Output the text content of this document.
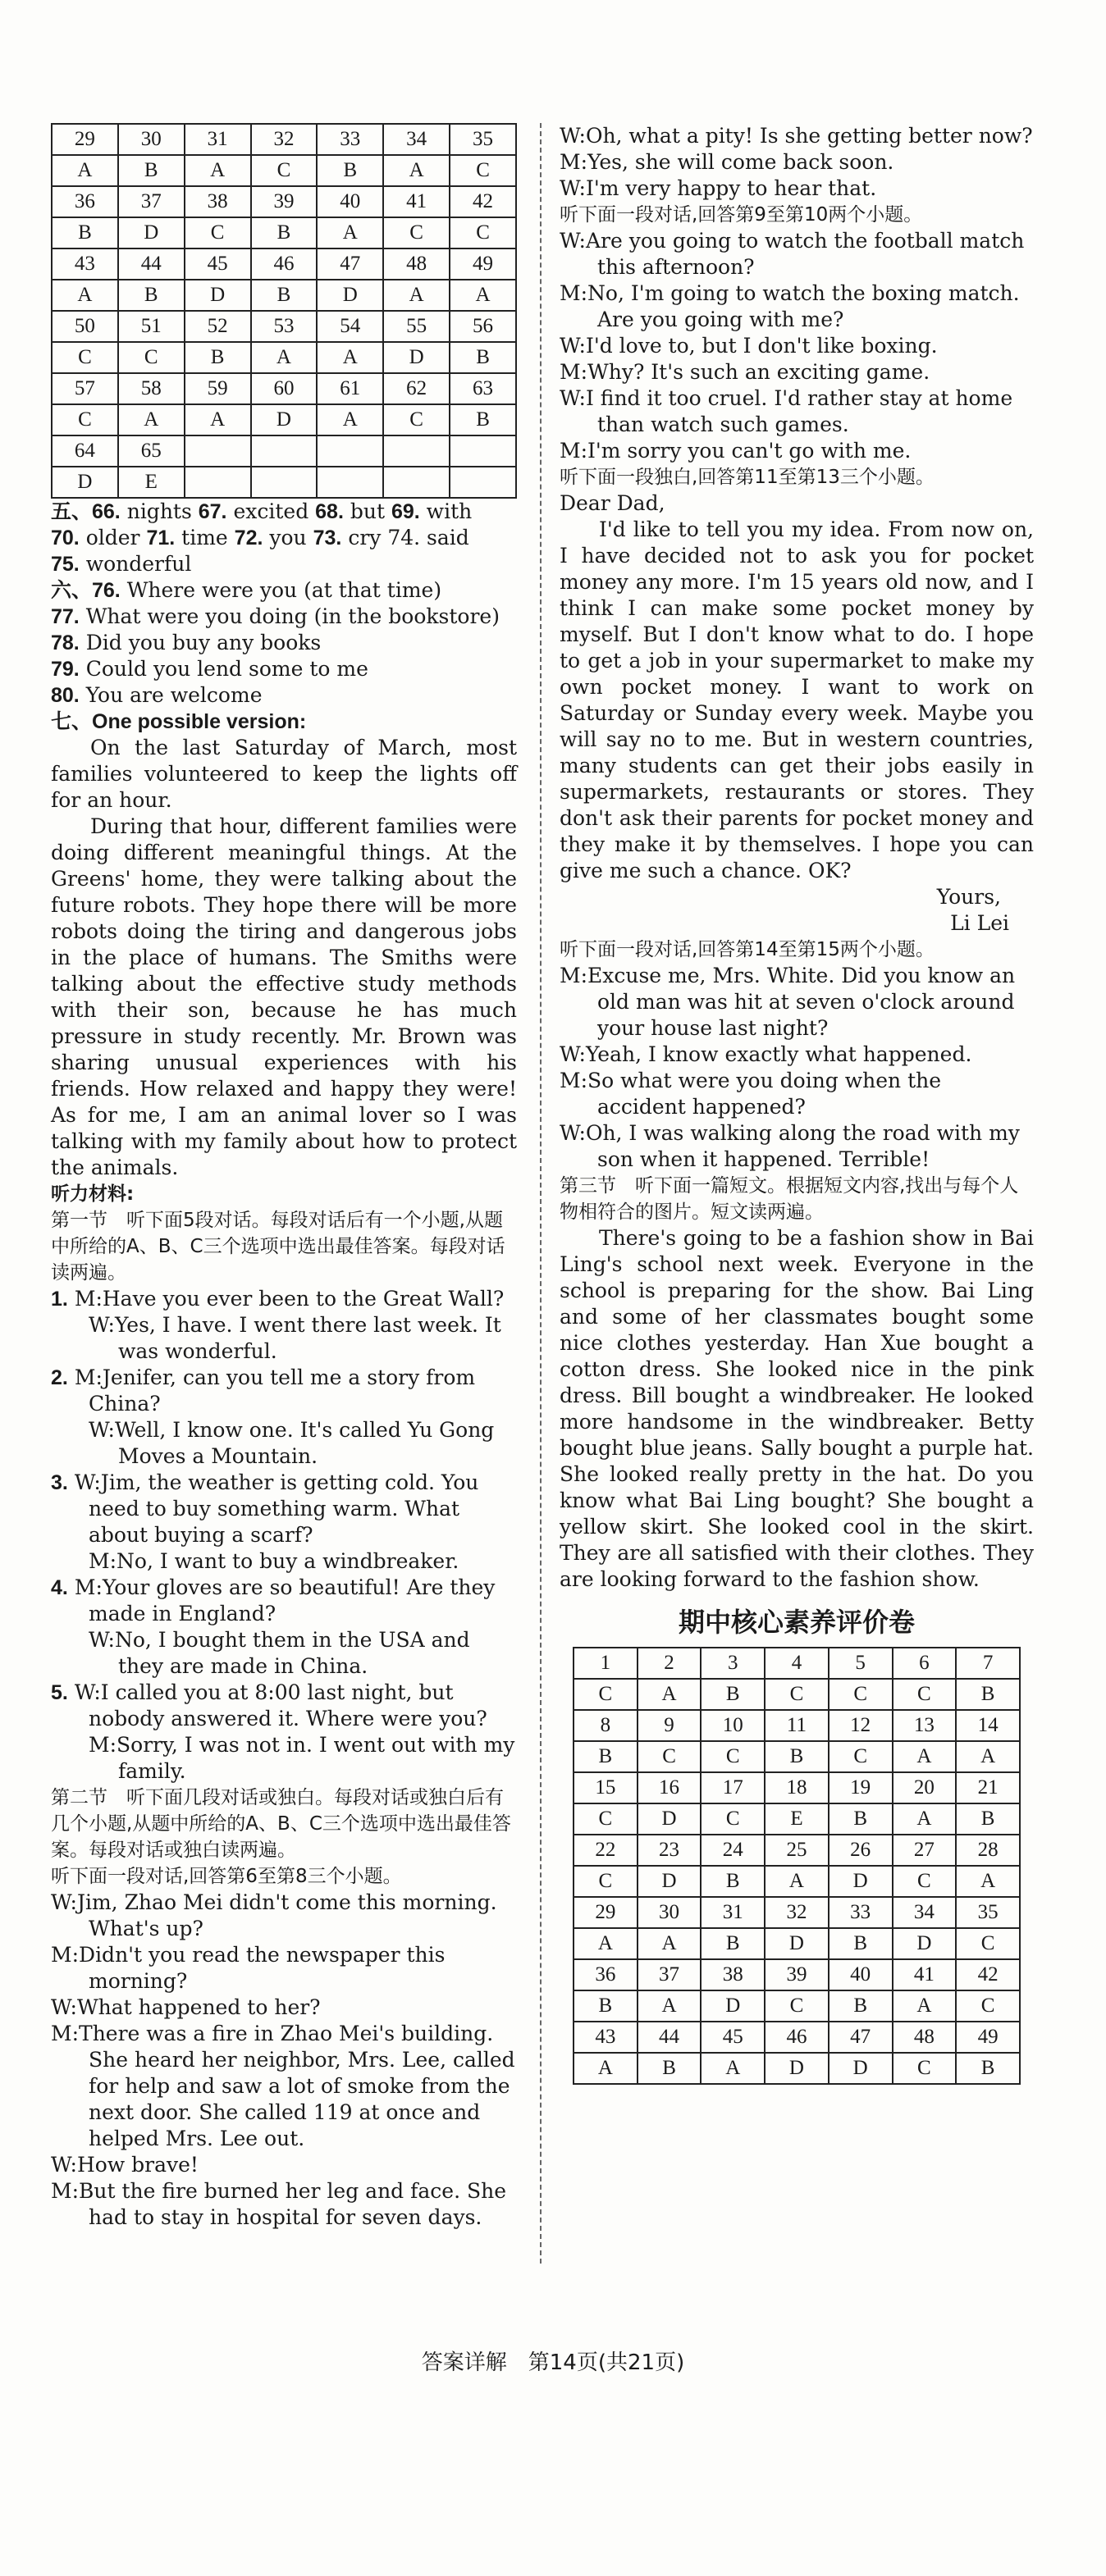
29	30	31	32	33	34	35
A	B	A	C	B	A	C
36	37	38	39	40	41	42
B	D	C	B	A	C	C
43	44	45	46	47	48	49
A	B	D	B	D	A	A
50	51	52	53	54	55	56
C	C	B	A	A	D	B
57	58	59	60	61	62	63
C	A	A	D	A	C	B
64	65					
D	E					

五、66. nights 67. excited 68. but 69. with

70. older 71. time 72. you 73. cry 74. said

75. wonderful

六、76. Where were you (at that time)

77. What were you doing (in the bookstore)

78. Did you buy any books

79. Could you lend some to me

80. You are welcome

七、One possible version:

On the last Saturday of March, most families volunteered to keep the lights off for an hour.

During that hour, different families were doing different meaningful things. At the Greens' home, they were talking about the future robots. They hope there will be more robots doing the tiring and dangerous jobs in the place of humans. The Smiths were talking about the effective study methods with their son, because he has much pressure in study recently. Mr. Brown was sharing unusual experiences with his friends. How relaxed and happy they were! As for me, I am an animal lover so I was talking with my family about how to protect the animals.

听力材料:

第一节　听下面5段对话。每段对话后有一个小题,从题中所给的A、B、C三个选项中选出最佳答案。每段对话读两遍。

1. M:Have you ever been to the Great Wall?

W:Yes, I have. I went there last week. It was wonderful.

2. M:Jenifer, can you tell me a story from China?

W:Well, I know one. It's called Yu Gong Moves a Mountain.

3. W:Jim, the weather is getting cold. You need to buy something warm. What about buying a scarf?

M:No, I want to buy a windbreaker.

4. M:Your gloves are so beautiful! Are they made in England?

W:No, I bought them in the USA and they are made in China.

5. W:I called you at 8:00 last night, but nobody answered it. Where were you?

M:Sorry, I was not in. I went out with my family.

第二节　听下面几段对话或独白。每段对话或独白后有几个小题,从题中所给的A、B、C三个选项中选出最佳答案。每段对话或独白读两遍。

听下面一段对话,回答第6至第8三个小题。

W:Jim, Zhao Mei didn't come this morning. What's up?

M:Didn't you read the newspaper this morning?

W:What happened to her?

M:There was a fire in Zhao Mei's building. She heard her neighbor, Mrs. Lee, called for help and saw a lot of smoke from the next door. She called 119 at once and helped Mrs. Lee out.

W:How brave!

M:But the fire burned her leg and face. She had to stay in hospital for seven days.

W:Oh, what a pity! Is she getting better now?

M:Yes, she will come back soon.

W:I'm very happy to hear that.

听下面一段对话,回答第9至第10两个小题。

W:Are you going to watch the football match this afternoon?

M:No, I'm going to watch the boxing match. Are you going with me?

W:I'd love to, but I don't like boxing.

M:Why? It's such an exciting game.

W:I find it too cruel. I'd rather stay at home than watch such games.

M:I'm sorry you can't go with me.

听下面一段独白,回答第11至第13三个小题。

Dear Dad,

I'd like to tell you my idea. From now on, I have decided not to ask you for pocket money any more. I'm 15 years old now, and I think I can make some pocket money by myself. But I don't know what to do. I hope to get a job in your supermarket to make my own pocket money. I want to work on Saturday or Sunday every week. Maybe you will say no to me. But in western countries, many students can get their jobs easily in supermarkets, restaurants or stores. They don't ask their parents for pocket money and they make it by themselves. I hope you can give me such a chance. OK?

Yours,

Li Lei

听下面一段对话,回答第14至第15两个小题。

M:Excuse me, Mrs. White. Did you know an old man was hit at seven o'clock around your house last night?

W:Yeah, I know exactly what happened.

M:So what were you doing when the accident happened?

W:Oh, I was walking along the road with my son when it happened. Terrible!

第三节　听下面一篇短文。根据短文内容,找出与每个人物相符合的图片。短文读两遍。

There's going to be a fashion show in Bai Ling's school next week. Everyone in the school is preparing for the show. Bai Ling and some of her classmates bought some nice clothes yesterday. Han Xue bought a cotton dress. She looked nice in the pink dress. Bill bought a windbreaker. He looked more handsome in the windbreaker. Betty bought blue jeans. Sally bought a purple hat. She looked really pretty in the hat. Do you know what Bai Ling bought? She bought a yellow skirt. She looked cool in the skirt. They are all satisfied with their clothes. They are looking forward to the fashion show.

期中核心素养评价卷
1	2	3	4	5	6	7
C	A	B	C	C	C	B
8	9	10	11	12	13	14
B	C	C	B	C	A	A
15	16	17	18	19	20	21
C	D	C	E	B	A	B
22	23	24	25	26	27	28
C	D	B	A	D	C	A
29	30	31	32	33	34	35
A	A	B	D	B	D	C
36	37	38	39	40	41	42
B	A	D	C	B	A	C
43	44	45	46	47	48	49
A	B	A	D	D	C	B
答案详解　第14页(共21页)
